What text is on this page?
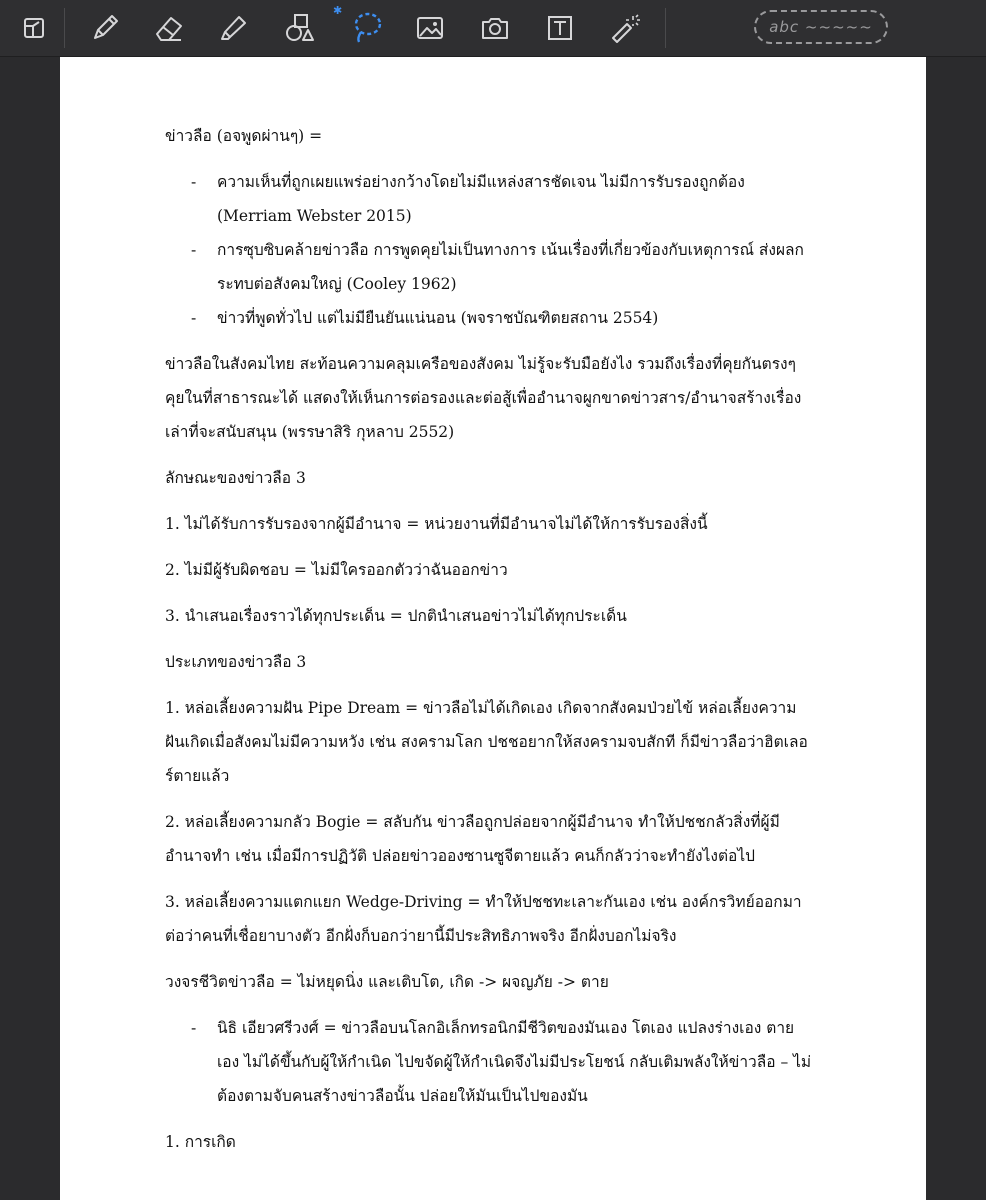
✱
abc ~~~~~

ข่าวลือ (อจพูดผ่านๆ) =

- ความเห็นที่ถูกเผยแพร่อย่างกว้างโดยไม่มีแหล่งสารชัดเจน ไม่มีการรับรองถูกต้อง (Merriam Webster 2015)
- การซุบซิบคล้ายข่าวลือ การพูดคุยไม่เป็นทางการ เน้นเรื่องที่เกี่ยวข้องกับเหตุการณ์ ส่งผลกระทบต่อสังคมใหญ่ (Cooley 1962)
- ข่าวที่พูดทั่วไป แต่ไม่มียืนยันแน่นอน (พจราชบัณฑิตยสถาน 2554)

ข่าวลือในสังคมไทย สะท้อนความคลุมเครือของสังคม ไม่รู้จะรับมือยังไง รวมถึงเรื่องที่คุยกันตรงๆ คุยในที่สาธารณะได้ แสดงให้เห็นการต่อรองและต่อสู้เพื่ออำนาจผูกขาดข่าวสาร/อำนาจสร้างเรื่องเล่าที่จะสนับสนุน (พรรษาสิริ กุหลาบ 2552)

ลักษณะของข่าวลือ 3

1. ไม่ได้รับการรับรองจากผู้มีอำนาจ = หน่วยงานที่มีอำนาจไม่ได้ให้การรับรองสิ่งนี้

2. ไม่มีผู้รับผิดชอบ = ไม่มีใครออกตัวว่าฉันออกข่าว

3. นำเสนอเรื่องราวได้ทุกประเด็น = ปกตินำเสนอข่าวไม่ได้ทุกประเด็น

ประเภทของข่าวลือ 3

1. หล่อเลี้ยงความฝัน Pipe Dream = ข่าวลือไม่ได้เกิดเอง เกิดจากสังคมป่วยไข้ หล่อเลี้ยงความฝันเกิดเมื่อสังคมไม่มีความหวัง เช่น สงครามโลก ปชชอยากให้สงครามจบสักที ก็มีข่าวลือว่าฮิตเลอร์ตายแล้ว

2. หล่อเลี้ยงความกลัว Bogie = สลับกัน ข่าวลือถูกปล่อยจากผู้มีอำนาจ ทำให้ปชชกลัวสิ่งที่ผู้มีอำนาจทำ เช่น เมื่อมีการปฏิวัติ ปล่อยข่าวอองซานซูจีตายแล้ว คนก็กลัวว่าจะทำยังไงต่อไป

3. หล่อเลี้ยงความแตกแยก Wedge-Driving = ทำให้ปชชทะเลาะกันเอง เช่น องค์กรวิทย์ออกมาต่อว่าคนที่เชื่อยาบางตัว อีกฝั่งก็บอกว่ายานี้มีประสิทธิภาพจริง อีกฝั่งบอกไม่จริง

วงจรชีวิตข่าวลือ = ไม่หยุดนิ่ง และเติบโต, เกิด -> ผจญภัย -> ตาย

- นิธิ เอียวศรีวงศ์ = ข่าวลือบนโลกอิเล็กทรอนิกมีชีวิตของมันเอง โตเอง แปลงร่างเอง ตายเอง ไม่ได้ขึ้นกับผู้ให้กำเนิด ไปขจัดผู้ให้กำเนิดจึงไม่มีประโยชน์ กลับเติมพลังให้ข่าวลือ – ไม่ต้องตามจับคนสร้างข่าวลือนั้น ปล่อยให้มันเป็นไปของมัน

1. การเกิด
